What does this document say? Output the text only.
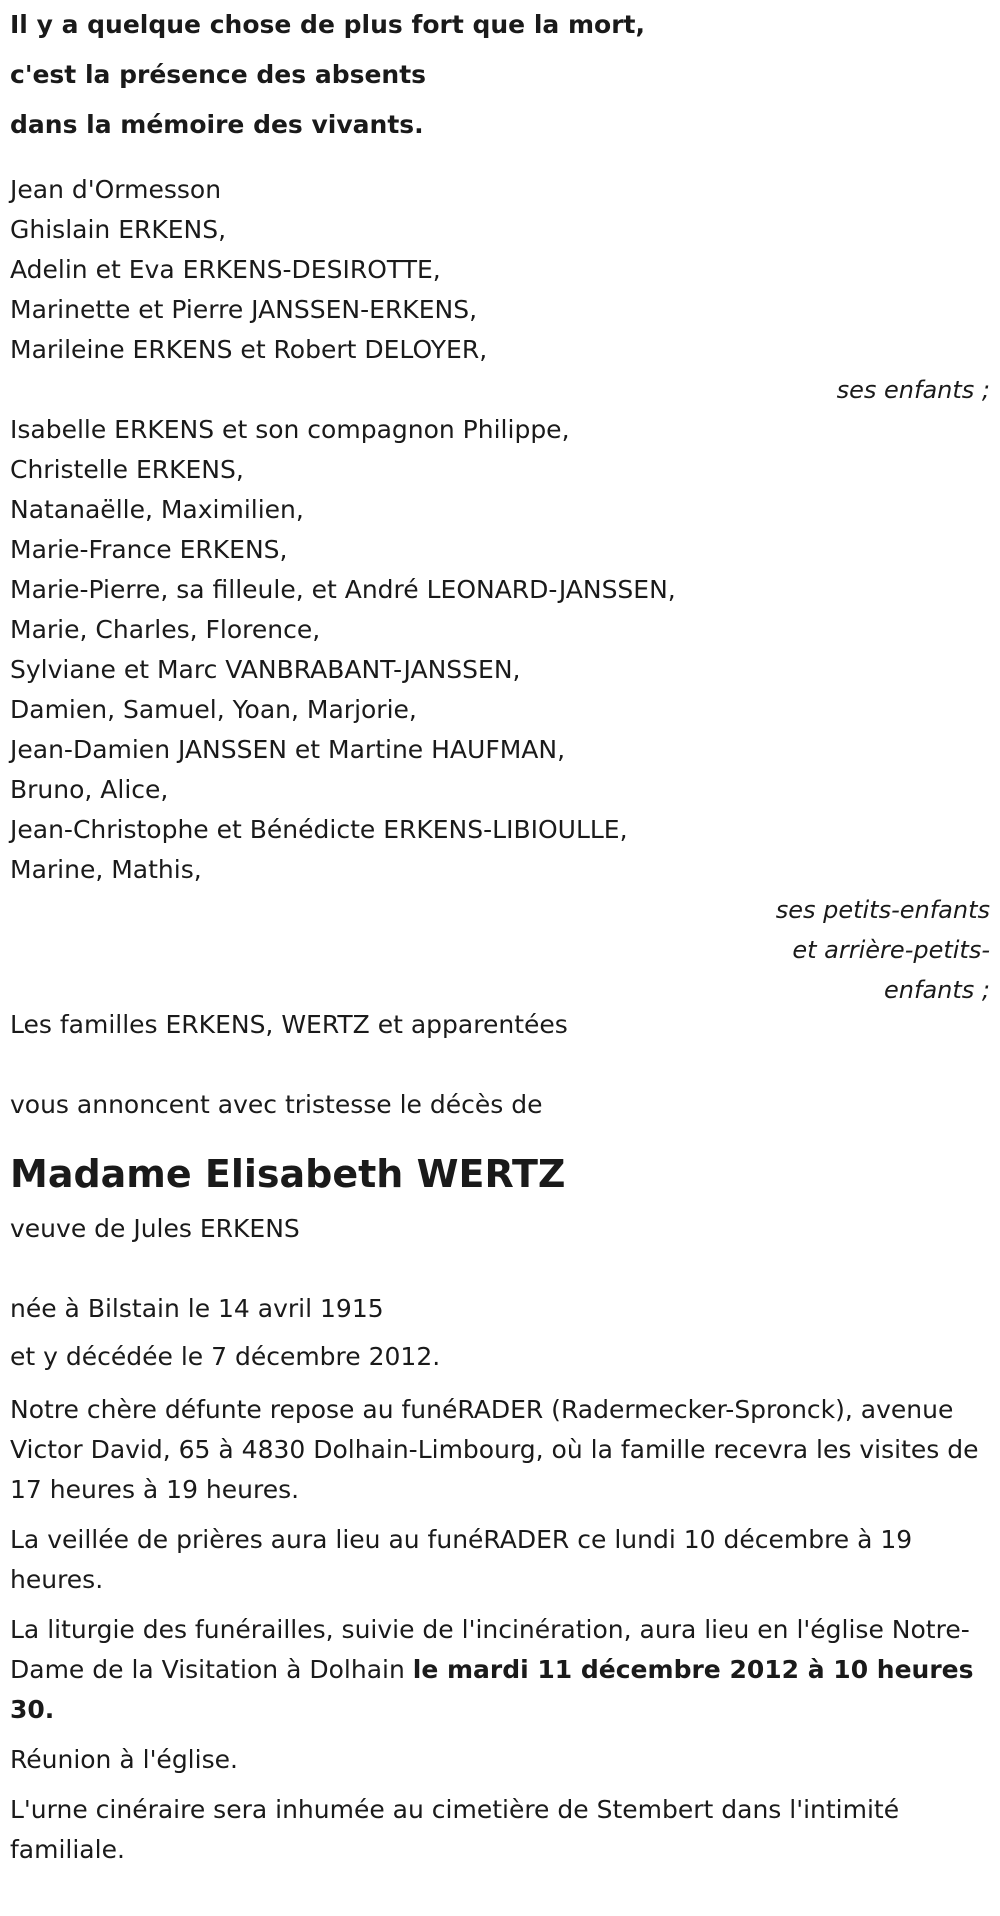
Il y a quelque chose de plus fort que la mort,
c'est la présence des absents
dans la mémoire des vivants.
Jean d'Ormesson
Ghislain ERKENS,
Adelin et Eva ERKENS-DESIROTTE,
Marinette et Pierre JANSSEN-ERKENS,
Marileine ERKENS et Robert DELOYER,
ses enfants ;
Isabelle ERKENS et son compagnon Philippe,
Christelle ERKENS,
Natanaëlle, Maximilien,
Marie-France ERKENS,
Marie-Pierre, sa filleule, et André LEONARD-JANSSEN,
Marie, Charles, Florence,
Sylviane et Marc VANBRABANT-JANSSEN,
Damien, Samuel, Yoan, Marjorie,
Jean-Damien JANSSEN et Martine HAUFMAN,
Bruno, Alice,
Jean-Christophe et Bénédicte ERKENS-LIBIOULLE,
Marine, Mathis,
ses petits-enfants
et arrière-petits-
enfants ;
Les familles ERKENS, WERTZ et apparentées
vous annoncent avec tristesse le décès de
Madame Elisabeth WERTZ
veuve de Jules ERKENS
née à Bilstain le 14 avril 1915
et y décédée le 7 décembre 2012.

Notre chère défunte repose au funéRADER (Radermecker-Spronck), avenue Victor David, 65 à 4830 Dolhain-Limbourg, où la famille recevra les visites de 17 heures à 19 heures.

La veillée de prières aura lieu au funéRADER ce lundi 10 décembre à 19 heures.

La liturgie des funérailles, suivie de l'incinération, aura lieu en l'église Notre-Dame de la Visitation à Dolhain le mardi 11 décembre 2012 à 10 heures 30.

Réunion à l'église.

L'urne cinéraire sera inhumée au cimetière de Stembert dans l'intimité familiale.
